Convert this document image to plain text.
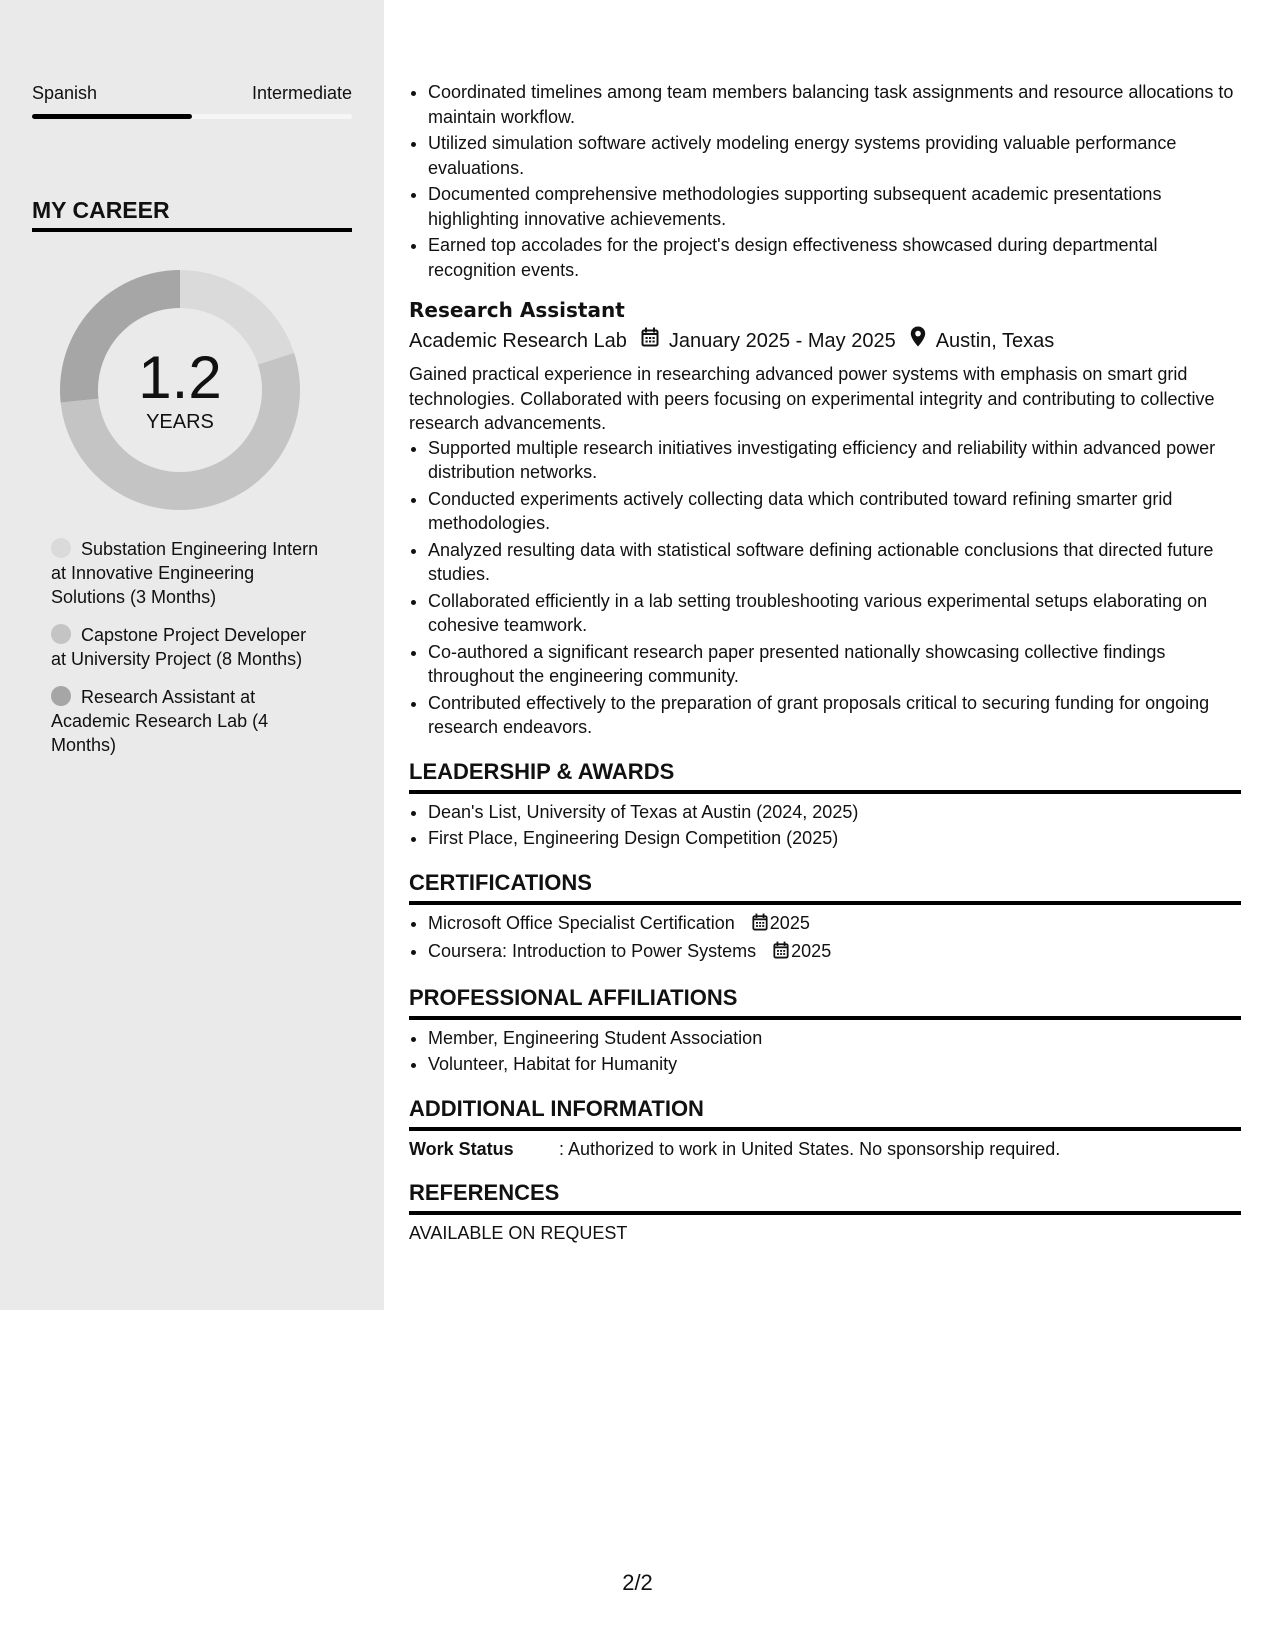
Spanish	Intermediate
MY CAREER
1.2
YEARS
Substation Engineering Intern at Innovative Engineering Solutions (3 Months)
Capstone Project Developer at University Project (8 Months)
Research Assistant at Academic Research Lab (4 Months)
• Coordinated timelines among team members balancing task assignments and resource allocations to maintain workflow.
• Utilized simulation software actively modeling energy systems providing valuable performance evaluations.
• Documented comprehensive methodologies supporting subsequent academic presentations highlighting innovative achievements.
• Earned top accolades for the project's design effectiveness showcased during departmental recognition events.
Research Assistant
Academic Research Lab January 2025 - May 2025 Austin, Texas
Gained practical experience in researching advanced power systems with emphasis on smart grid technologies. Collaborated with peers focusing on experimental integrity and contributing to collective research advancements.
• Supported multiple research initiatives investigating efficiency and reliability within advanced power distribution networks.
• Conducted experiments actively collecting data which contributed toward refining smarter grid methodologies.
• Analyzed resulting data with statistical software defining actionable conclusions that directed future studies.
• Collaborated efficiently in a lab setting troubleshooting various experimental setups elaborating on cohesive teamwork.
• Co-authored a significant research paper presented nationally showcasing collective findings throughout the engineering community.
• Contributed effectively to the preparation of grant proposals critical to securing funding for ongoing research endeavors.
LEADERSHIP & AWARDS
• Dean's List, University of Texas at Austin (2024, 2025)
• First Place, Engineering Design Competition (2025)
CERTIFICATIONS
• Microsoft Office Specialist Certification 2025
• Coursera: Introduction to Power Systems 2025
PROFESSIONAL AFFILIATIONS
• Member, Engineering Student Association
• Volunteer, Habitat for Humanity
ADDITIONAL INFORMATION
Work Status	: Authorized to work in United States. No sponsorship required.
REFERENCES
AVAILABLE ON REQUEST
2/2
